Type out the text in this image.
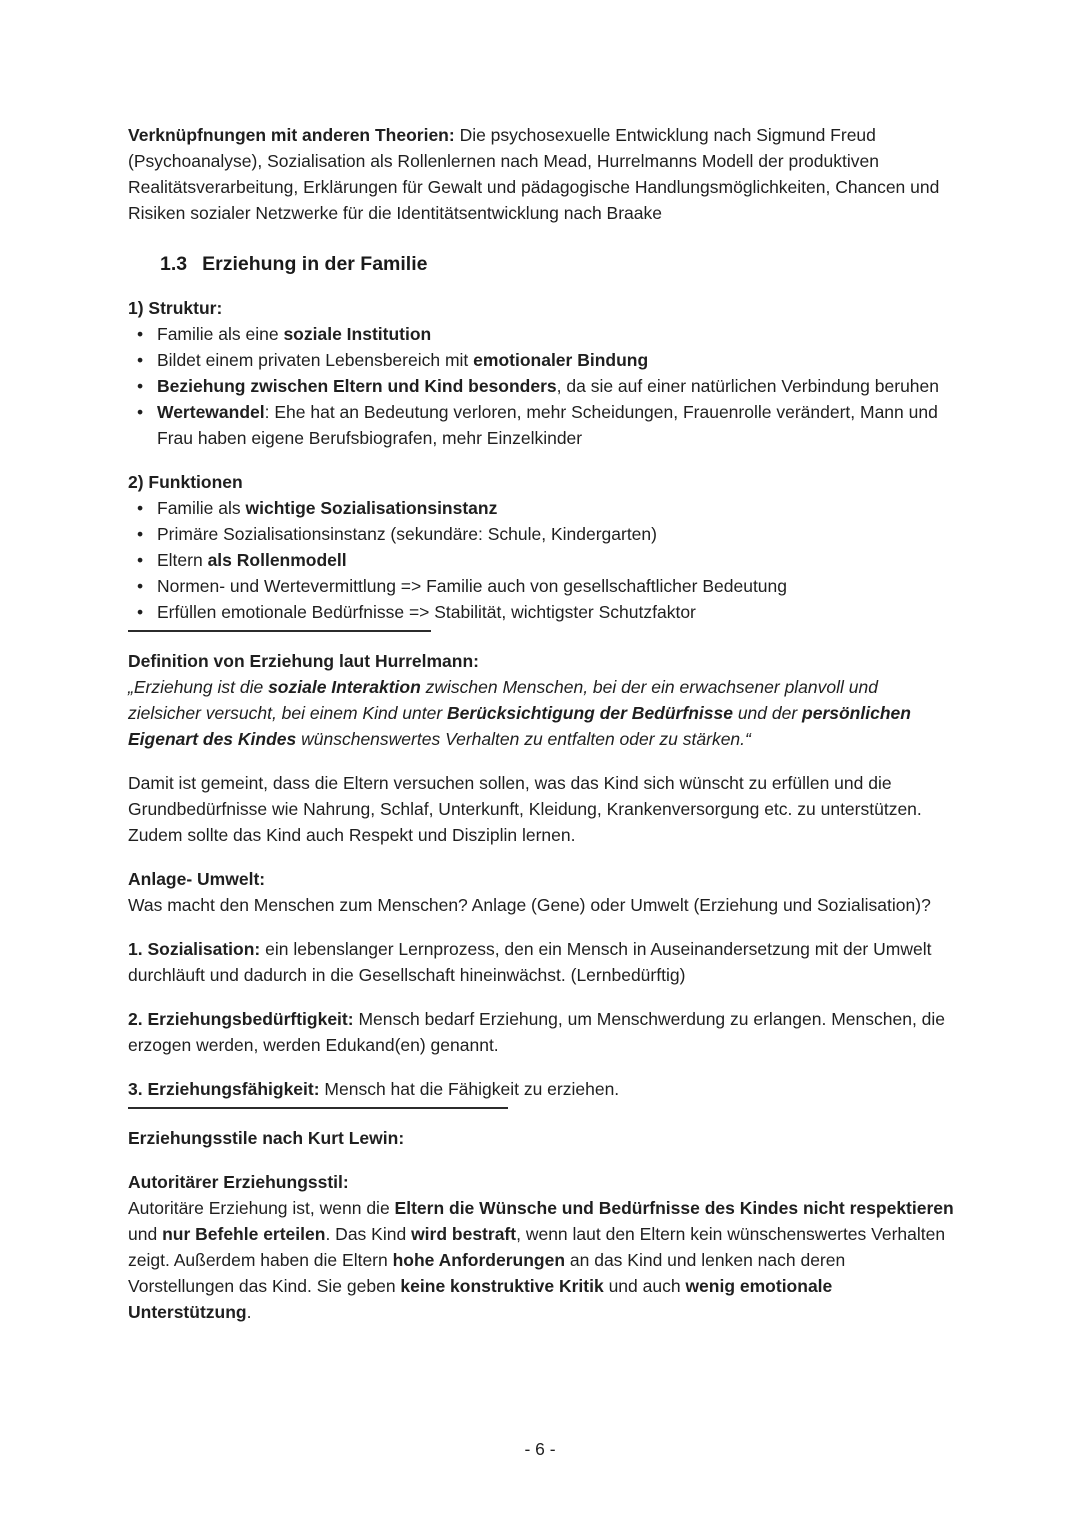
Verknüpfnungen mit anderen Theorien: Die psychosexuelle Entwicklung nach Sigmund Freud (Psychoanalyse), Sozialisation als Rollenlernen nach Mead, Hurrelmanns Modell der produktiven Realitätsverarbeitung, Erklärungen für Gewalt und pädagogische Handlungsmöglichkeiten, Chancen und Risiken sozialer Netzwerke für die Identitätsentwicklung nach Braake

1.3 Erziehung in der Familie

1) Struktur:

• Familie als eine soziale Institution
• Bildet einem privaten Lebensbereich mit emotionaler Bindung
• Beziehung zwischen Eltern und Kind besonders, da sie auf einer natürlichen Verbindung beruhen
• Wertewandel: Ehe hat an Bedeutung verloren, mehr Scheidungen, Frauenrolle verändert, Mann und Frau haben eigene Berufsbiografen, mehr Einzelkinder

2) Funktionen

• Familie als wichtige Sozialisationsinstanz
• Primäre Sozialisationsinstanz (sekundäre: Schule, Kindergarten)
• Eltern als Rollenmodell
• Normen- und Wertevermittlung => Familie auch von gesellschaftlicher Bedeutung
• Erfüllen emotionale Bedürfnisse => Stabilität, wichtigster Schutzfaktor

Definition von Erziehung laut Hurrelmann:

„Erziehung ist die soziale Interaktion zwischen Menschen, bei der ein erwachsener planvoll und zielsicher versucht, bei einem Kind unter Berücksichtigung der Bedürfnisse und der persönlichen Eigenart des Kindes wünschenswertes Verhalten zu entfalten oder zu stärken.“

Damit ist gemeint, dass die Eltern versuchen sollen, was das Kind sich wünscht zu erfüllen und die Grundbedürfnisse wie Nahrung, Schlaf, Unterkunft, Kleidung, Krankenversorgung etc. zu unterstützen. Zudem sollte das Kind auch Respekt und Disziplin lernen.

Anlage- Umwelt:

Was macht den Menschen zum Menschen? Anlage (Gene) oder Umwelt (Erziehung und Sozialisation)?

1. Sozialisation: ein lebenslanger Lernprozess, den ein Mensch in Auseinandersetzung mit der Umwelt durchläuft und dadurch in die Gesellschaft hineinwächst. (Lernbedürftig)

2. Erziehungsbedürftigkeit: Mensch bedarf Erziehung, um Menschwerdung zu erlangen. Menschen, die erzogen werden, werden Edukand(en) genannt.

3. Erziehungsfähigkeit: Mensch hat die Fähigkeit zu erziehen.

Erziehungsstile nach Kurt Lewin:

Autoritärer Erziehungsstil:

Autoritäre Erziehung ist, wenn die Eltern die Wünsche und Bedürfnisse des Kindes nicht respektieren und nur Befehle erteilen. Das Kind wird bestraft, wenn laut den Eltern kein wünschenswertes Verhalten zeigt. Außerdem haben die Eltern hohe Anforderungen an das Kind und lenken nach deren Vorstellungen das Kind. Sie geben keine konstruktive Kritik und auch wenig emotionale Unterstützung.

- 6 -
